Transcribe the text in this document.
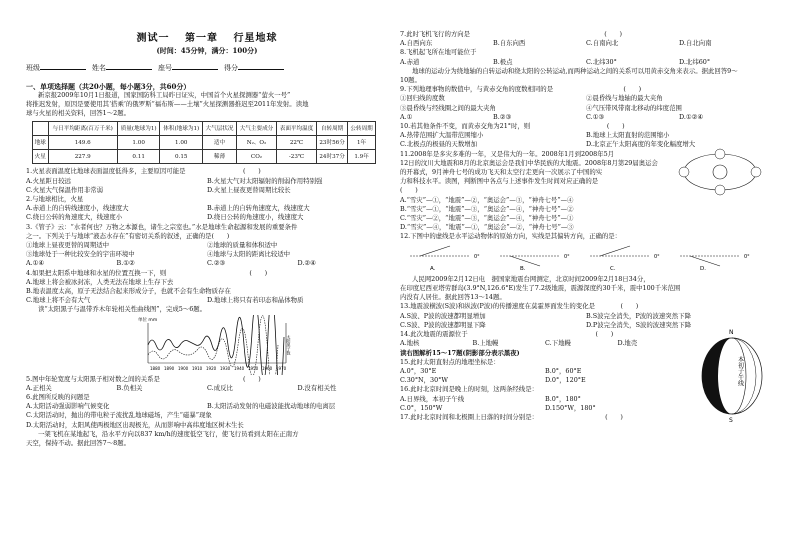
测试一　 第一章　 行星地球
(时间：45分钟，满分：100分)
班级	姓名	座号	得分
一、单项选择题（共20小题，每小题3分，共60分）

新京报2009年10月1日报道，国家国防科工局昨日证实，中国首个火星探测器“萤火一号”

将推迟发射，原因是要使用其‘搭乘’的俄罗斯“福布斯——土壤”火星探测器推迟至2011年发射。读地

球与火星的相关资料，回答1～2题。

	与日平均距离(百万千米)	质量(地球为1)	体积(地球为1)	大气层状况	大气主要成分	表面平均温度	自转周期	公转周期
地球	149.6	1.00	1.00	适中	N₂、O₂	22℃	23时56分	1年
火星	227.9	0.11	0.15	稀薄	CO₂	-23℃	24时37分	1.9年

1.火星表面温度比地球表面温度低得多，主要原因可能是　　　　　　　　　(　　)

A.火星距日较远	B.火星大气对太阳辐射的削弱作用特别强
C.火星大气保温作用非常弱	D.火星上昼夜更替周期比较长

2.与地球相比，火星

A.赤道上的自转线速度小，线速度大	B.赤道上的自转角速度大，线速度大
C.绕日公转的角速度大，线速度小	D.绕日公转的角速度小，线速度大

3.《管子》云：“水者何也？万物之本源也，诸生之宗室也。”水是地球生命起源和发展的重要条件

之一。下列关于与地球“液态水存在”有密切关系的叙述，正确的是(　　)

①地球上昼夜更替的周期适中	②地球的质量和体积适中
③地球处于一种比较安全的宇宙环境中	④地球与太阳的距离比较适中
A.①④	B.①②	C.②③	D.②④

4.如果把太阳系中地球和水星的位置互换一下，则　　　　　　　　　　　　　(　　)

A.地球上将会被冰封冻，人类无法在地球上生存下去

B.地表温度太高，原子无法结合起来形成分子，也就不会有生命物质存在

C.地球上将不会有大气	D.地球上将只有若印态和晶体物质

读“太阳黑子与温带乔木年轮相关性曲线图”，完成5～6题。

单位 mm
1880 1890 1900 1910 1920 1930 1940 1950 1960 1970
太阳黑子数

5.图中年轮宽度与太阳黑子相对数之间的关系是　　　　　　　　　　　　　(　　)

A.正相关	B.负相关	C.成反比	D.没有相关性

6.此图所反映的问题是

A.太阳活动强弱影响气候变化	B.太阳活动发射的电磁波能扰动地球的电离层

C.太阳活动时，抛出的带电粒子流扰乱地球磁场，产生“磁暴”现象

D.太阳活动时，太阳风使两极地区出现极光，从而影响中高纬度地区树木生长

一架飞机在某地起飞，沿水平方向以837 km/h的速度低空飞行，使飞行员看到太阳在正南方

天空，保持不动。据此回答7～8题。

7.此时飞机飞行的方向是　　　　　　　　　　　　　　　　　　　　　(　　)

A.自西向东	B.自东向西	C.自南向北	D.自北向南

8.飞机起飞所在地可能位于

A.赤道	B.极点	C.北纬30°	D.北纬60°

地球的运动分为绕地轴的自转运动和绕太阳的公转运动,而两种运动之间的关系可以用黄赤交角来表示。据此回答9～

10题。

9.下列地理事物的数值中，与黄赤交角的度数相同的是　　　　　　　　　　　(　　)

①回归线的度数	②晨昏线与地轴的最大夹角
③晨昏线与经线圈之间的最大夹角	④气压带风带南北移动的纬度范围
A.①	B.②③	C.①③	D.①②④

10.若其他条件不变，而黄赤交角为21°时，则　　　　　　　　　　　　(　　)

A.热带范围扩大温带范围缩小	B.地球上太阳直射的范围缩小
C.北极点的极昼的天数增加	D.北京正午太阳高度的年变化幅度增大

11.2008年是多灾多难的一年，又是伟大的一年。2008年1月到2008年5月

12日的汶川大地震和8月的北京奥运会是我们中华民族的大地震。2008年8月第29届奥运会

的开幕式，9月神舟七号的成功飞天和太空行走更向一次展示了中国的实

力和科技水平。读图，判断图中各点与上述事件发生时间对应正确的是

(　　)

A.“雪灾”—①，“地震”—②，“奥运会”—③，“神舟七号”—④

B.“雪灾”—①，“地震”—③，“奥运会”—④，“神舟七号”—②

C.“雪灾”—②，“地震”—③，“奥运会”—④，“神舟七号”—①

D.“雪灾”—④，“地震”—①，“奥运会”—②，“神舟七号”—③

12.下图中的虚线是水平运动物体的原始方向，实线是其偏转方向，正确的是：

0°
A.
0°
B.
0°
C.
0°
D.

人民网2009年2月12日电　据国家地震台网测定，北京时间2009年2月18日34分，

在印度尼西亚塔劳群岛(3.9°N,126.6°E)发生了7.2级地震，震源深度约30千米，震中100千米范围

内没有人居住。据此回答13～14题。

13.地震波横波(S波)和纵波(P波)的传播速度在莫霍界面发生的变化是　　　　(　　)

A.S波、P波的波速都明显增加	B.S波完全消失，P波的波速突然下降
C.S波、P波的波速都明显下降	D.P波完全消失，S波的波速突然下降

14.此次地震的震源位于　　　　　　　　　　　　　　　　　　　　(　　)

A.地核	B.上地幔	C.下地幔	D.地壳

读右图解析15～17题(阴影部分表示黑夜)

15.此时太阳直射点的地理坐标是：

A.0°，30°E	B.0°，60°E
C.30°N，30°W	D.0°，120°E

16.此时北京时间是晚上的时刻，这两条经线是：

A.日界线，本初子午线	B.0°，180°
C.0°，150°W	D.150°W，180°

17.此时北京时间和北极圈上日落的时间分别是：　　　　　　　　　　　(　　)

N
本初子午线
S
